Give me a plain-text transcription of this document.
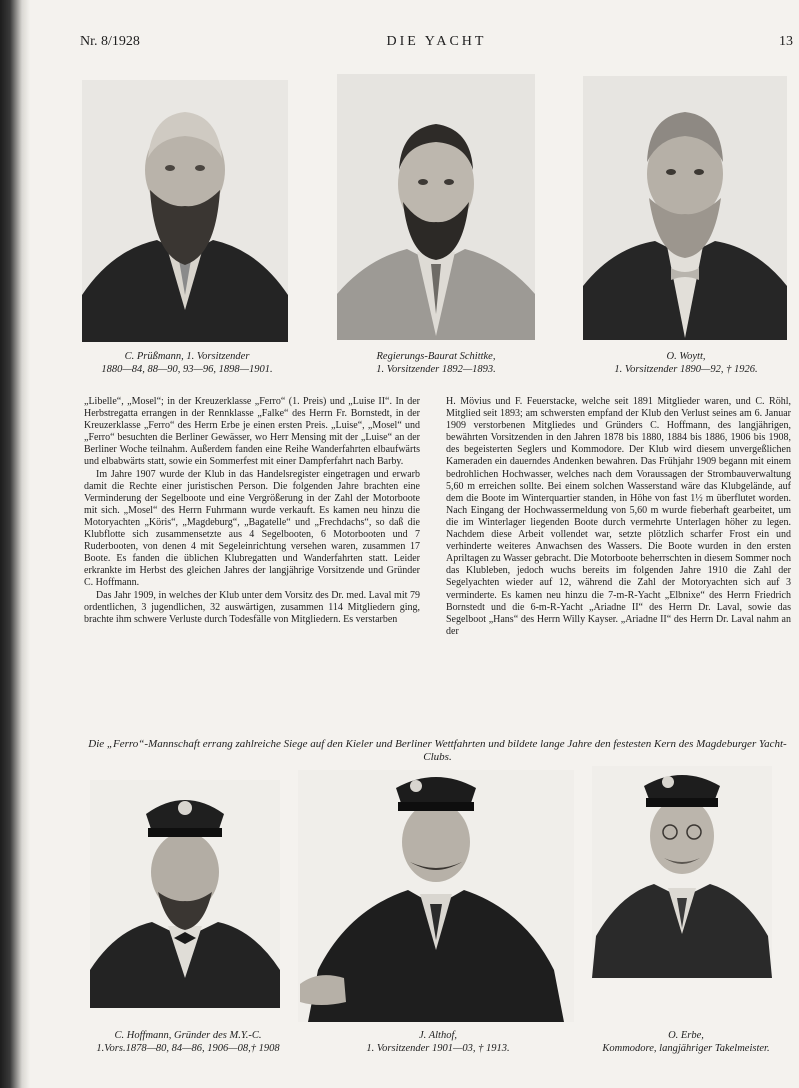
Nr. 8/1928	DIE YACHT	13
C. Prüßmann, 1. Vorsitzender
1880—84, 88—90, 93—96, 1898—1901.
Regierungs-Baurat Schittke,
1. Vorsitzender 1892—1893.
O. Woytt,
1. Vorsitzender 1890—92, † 1926.

„Libelle“, „Mosel“; in der Kreuzerklasse „Ferro“ (1. Preis) und „Luise II“. In der Herbstregatta errangen in der Rennklasse „Falke“ des Herrn Fr. Bornstedt, in der Kreuzerklasse „Ferro“ des Herrn Erbe je einen ersten Preis. „Luise“, „Mosel“ und „Ferro“ besuchten die Berliner Gewässer, wo Herr Mensing mit der „Luise“ an der Berliner Woche teilnahm. Außerdem fanden eine Reihe Wanderfahrten elbaufwärts und elbabwärts statt, sowie ein Sommerfest mit einer Dampferfahrt nach Barby.

Im Jahre 1907 wurde der Klub in das Handelsregister eingetragen und erwarb damit die Rechte einer juristischen Person. Die folgenden Jahre brachten eine Verminderung der Segelboote und eine Vergrößerung in der Zahl der Motorboote mit sich. „Mosel“ des Herrn Fuhrmann wurde verkauft. Es kamen neu hinzu die Motoryachten „Köris“, „Magdeburg“, „Bagatelle“ und „Frechdachs“, so daß die Klubflotte sich zusammensetzte aus 4 Segelbooten, 6 Motorbooten und 7 Ruderbooten, von denen 4 mit Segeleinrichtung versehen waren, zusammen 17 Boote. Es fanden die üblichen Klubregatten und Wanderfahrten statt. Leider erkrankte im Herbst des gleichen Jahres der langjährige Vorsitzende und Gründer C. Hoffmann.

Das Jahr 1909, in welches der Klub unter dem Vorsitz des Dr. med. Laval mit 79 ordentlichen, 3 jugendlichen, 32 auswärtigen, zusammen 114 Mitgliedern ging, brachte ihm schwere Verluste durch Todesfälle von Mitgliedern. Es verstarben

H. Mövius und F. Feuerstacke, welche seit 1891 Mitglieder waren, und C. Röhl, Mitglied seit 1893; am schwersten empfand der Klub den Verlust seines am 6. Januar 1909 verstorbenen Mitgliedes und Gründers C. Hoffmann, des langjährigen, bewährten Vorsitzenden in den Jahren 1878 bis 1880, 1884 bis 1886, 1906 bis 1908, des begeisterten Seglers und Kommodore. Der Klub wird diesem unvergeßlichen Kameraden ein dauerndes Andenken bewahren. Das Frühjahr 1909 begann mit einem bedrohlichen Hochwasser, welches nach dem Voraussagen der Strombauverwaltung 5,60 m erreichen sollte. Bei einem solchen Wasserstand wäre das Klubgelände, auf dem die Boote im Winterquartier standen, in Höhe von fast 1½ m überflutet worden. Nach Eingang der Hochwassermeldung von 5,60 m wurde fieberhaft gearbeitet, um die im Winterlager liegenden Boote durch vermehrte Unterlagen höher zu legen. Nachdem diese Arbeit vollendet war, setzte plötzlich scharfer Frost ein und verhinderte weiteres Anwachsen des Wassers. Die Boote wurden in den ersten Apriltagen zu Wasser gebracht. Die Motorboote beherrschten in diesem Sommer noch das Klubleben, jedoch wuchs bereits im folgenden Jahre 1910 die Zahl der Segelyachten wieder auf 12, während die Zahl der Motoryachten sich auf 3 verminderte. Es kamen neu hinzu die 7-m-R-Yacht „Elbnixe“ des Herrn Friedrich Bornstedt und die 6-m-R-Yacht „Ariadne II“ des Herrn Dr. Laval, sowie das Segelboot „Hans“ des Herrn Willy Kayser. „Ariadne II“ des Herrn Dr. Laval nahm an der

Die „Ferro“-Mannschaft errang zahlreiche Siege auf den Kieler und Berliner Wettfahrten und bildete lange Jahre den festesten Kern des Magdeburger Yacht-Clubs.
C. Hoffmann, Gründer des M.Y.-C.
1.Vors.1878—80, 84—86, 1906—08,† 1908
J. Althof,
1. Vorsitzender 1901—03, † 1913.
O. Erbe,
Kommodore, langjähriger Takelmeister.
